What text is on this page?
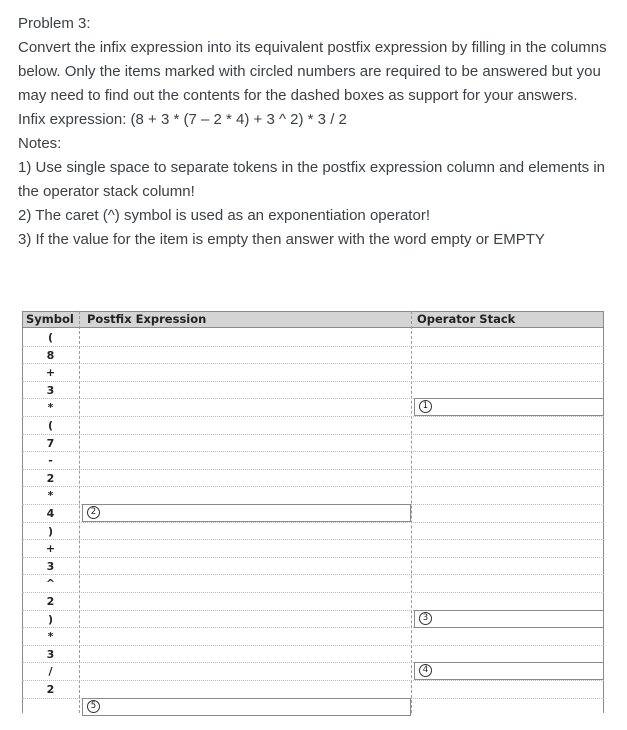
Problem 3:

Convert the infix expression into its equivalent postfix expression by filling in the columns below. Only the items marked with circled numbers are required to be answered but you may need to find out the contents for the dashed boxes as support for your answers.

Infix expression: (8 + 3 * (7 – 2 * 4) + 3 ^ 2) * 3 / 2

Notes:

1) Use single space to separate tokens in the postfix expression column and elements in the operator stack column!

2) The caret (^) symbol is used as an exponentiation operator!

3) If the value for the item is empty then answer with the word empty or EMPTY

Symbol Postfix Expression	Operator Stack
(
8
+
3
*
(
7
-
2
*
4
)
+
3
^
2
)
*
3
/
2
1
2
3
4
5
